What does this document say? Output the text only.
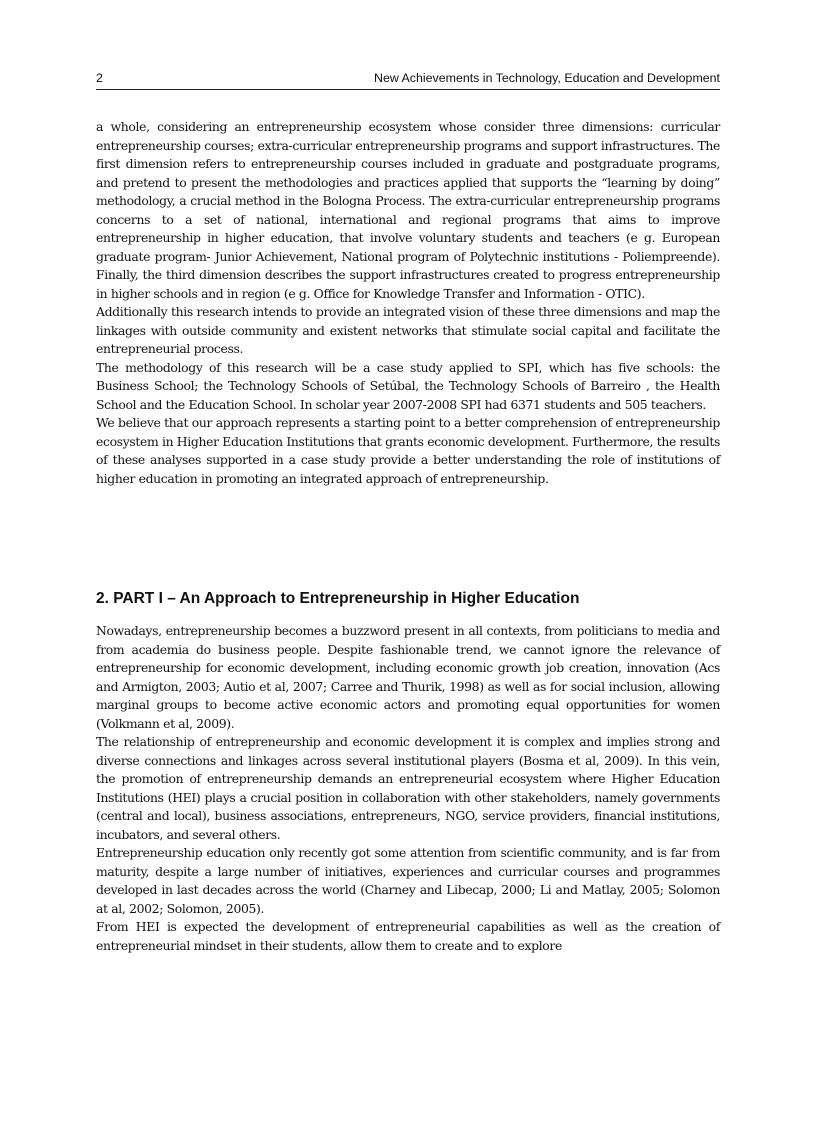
2	New Achievements in Technology, Education and Development

a whole, considering an entrepreneurship ecosystem whose consider three dimensions: curricular entrepreneurship courses; extra-curricular entrepreneurship programs and support infrastructures. The first dimension refers to entrepreneurship courses included in graduate and postgraduate programs, and pretend to present the methodologies and practices applied that supports the “learning by doing” methodology, a crucial method in the Bologna Process. The extra-curricular entrepreneurship programs concerns to a set of national, international and regional programs that aims to improve entrepreneurship in higher education, that involve voluntary students and teachers (e g. European graduate program- Junior Achievement, National program of Polytechnic institutions - Poliempreende). Finally, the third dimension describes the support infrastructures created to progress entrepreneurship in higher schools and in region (e g. Office for Knowledge Transfer and Information - OTIC).

Additionally this research intends to provide an integrated vision of these three dimensions and map the linkages with outside community and existent networks that stimulate social capital and facilitate the entrepreneurial process.

The methodology of this research will be a case study applied to SPI, which has five schools: the Business School; the Technology Schools of Setúbal, the Technology Schools of Barreiro , the Health School and the Education School. In scholar year 2007-2008 SPI had 6371 students and 505 teachers.

We believe that our approach represents a starting point to a better comprehension of entrepreneurship ecosystem in Higher Education Institutions that grants economic development. Furthermore, the results of these analyses supported in a case study provide a better understanding the role of institutions of higher education in promoting an integrated approach of entrepreneurship.

2. PART I – An Approach to Entrepreneurship in Higher Education

Nowadays, entrepreneurship becomes a buzzword present in all contexts, from politicians to media and from academia do business people. Despite fashionable trend, we cannot ignore the relevance of entrepreneurship for economic development, including economic growth job creation, innovation (Acs and Armigton, 2003; Autio et al, 2007; Carree and Thurik, 1998) as well as for social inclusion, allowing marginal groups to become active economic actors and promoting equal opportunities for women (Volkmann et al, 2009).

The relationship of entrepreneurship and economic development it is complex and implies strong and diverse connections and linkages across several institutional players (Bosma et al, 2009). In this vein, the promotion of entrepreneurship demands an entrepreneurial ecosystem where Higher Education Institutions (HEI) plays a crucial position in collaboration with other stakeholders, namely governments (central and local), business associations, entrepreneurs, NGO, service providers, financial institutions, incubators, and several others.

Entrepreneurship education only recently got some attention from scientific community, and is far from maturity, despite a large number of initiatives, experiences and curricular courses and programmes developed in last decades across the world (Charney and Libecap, 2000; Li and Matlay, 2005; Solomon at al, 2002; Solomon, 2005).

From HEI is expected the development of entrepreneurial capabilities as well as the creation of entrepreneurial mindset in their students, allow them to create and to explore
